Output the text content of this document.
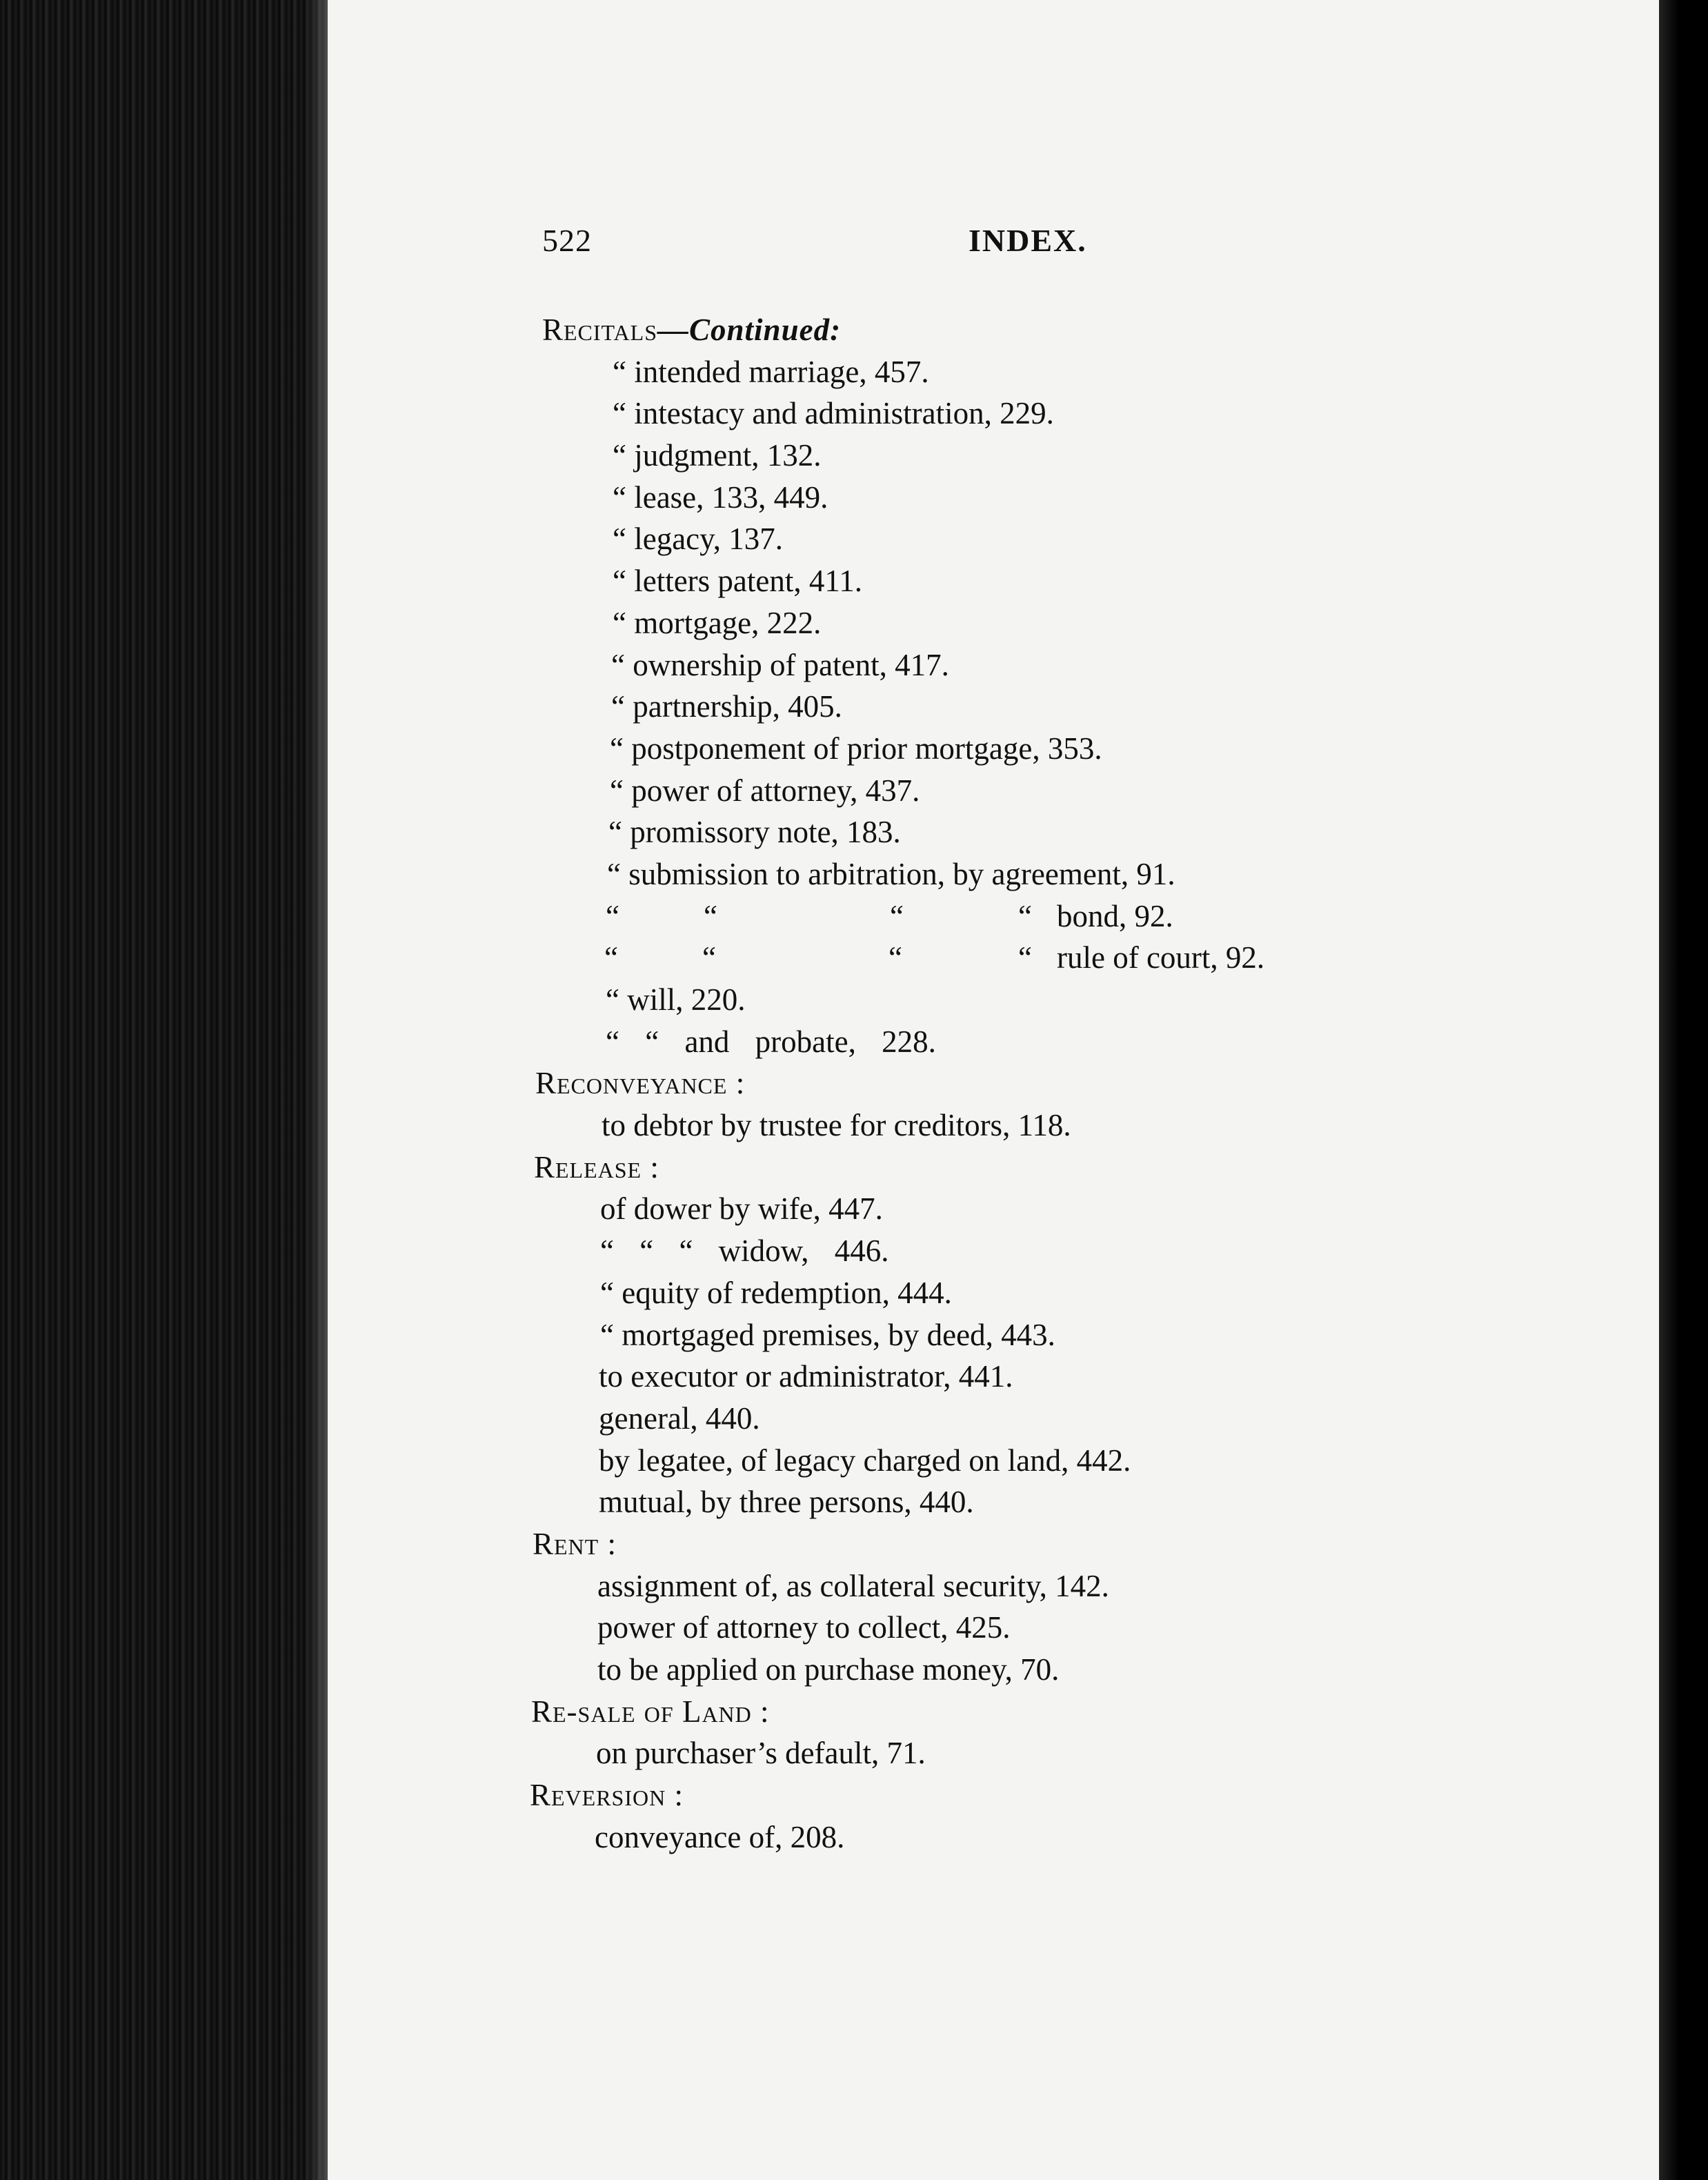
522	INDEX.
Recitals—Continued:
“ intended marriage, 457.
“ intestacy and administration, 229.
“ judgment, 132.
“ lease, 133, 449.
“ legacy, 137.
“ letters patent, 411.
“ mortgage, 222.
“ ownership of patent, 417.
“ partnership, 405.
“ postponement of prior mortgage, 353.
“ power of attorney, 437.
“ promissory note, 183.
“ submission to arbitration, by agreement, 91.
“	“	“	“ bond, 92.
“	“	“	“ rule of court, 92.
“ will, 220.
“ “ and probate, 228.
Reconveyance :
to debtor by trustee for creditors, 118.
Release :
of dower by wife, 447.
“ “ “ widow, 446.
“ equity of redemption, 444.
“ mortgaged premises, by deed, 443.
to executor or administrator, 441.
general, 440.
by legatee, of legacy charged on land, 442.
mutual, by three persons, 440.
Rent :
assignment of, as collateral security, 142.
power of attorney to collect, 425.
to be applied on purchase money, 70.
Re-sale of Land :
on purchaser’s default, 71.
Reversion :
conveyance of, 208.
